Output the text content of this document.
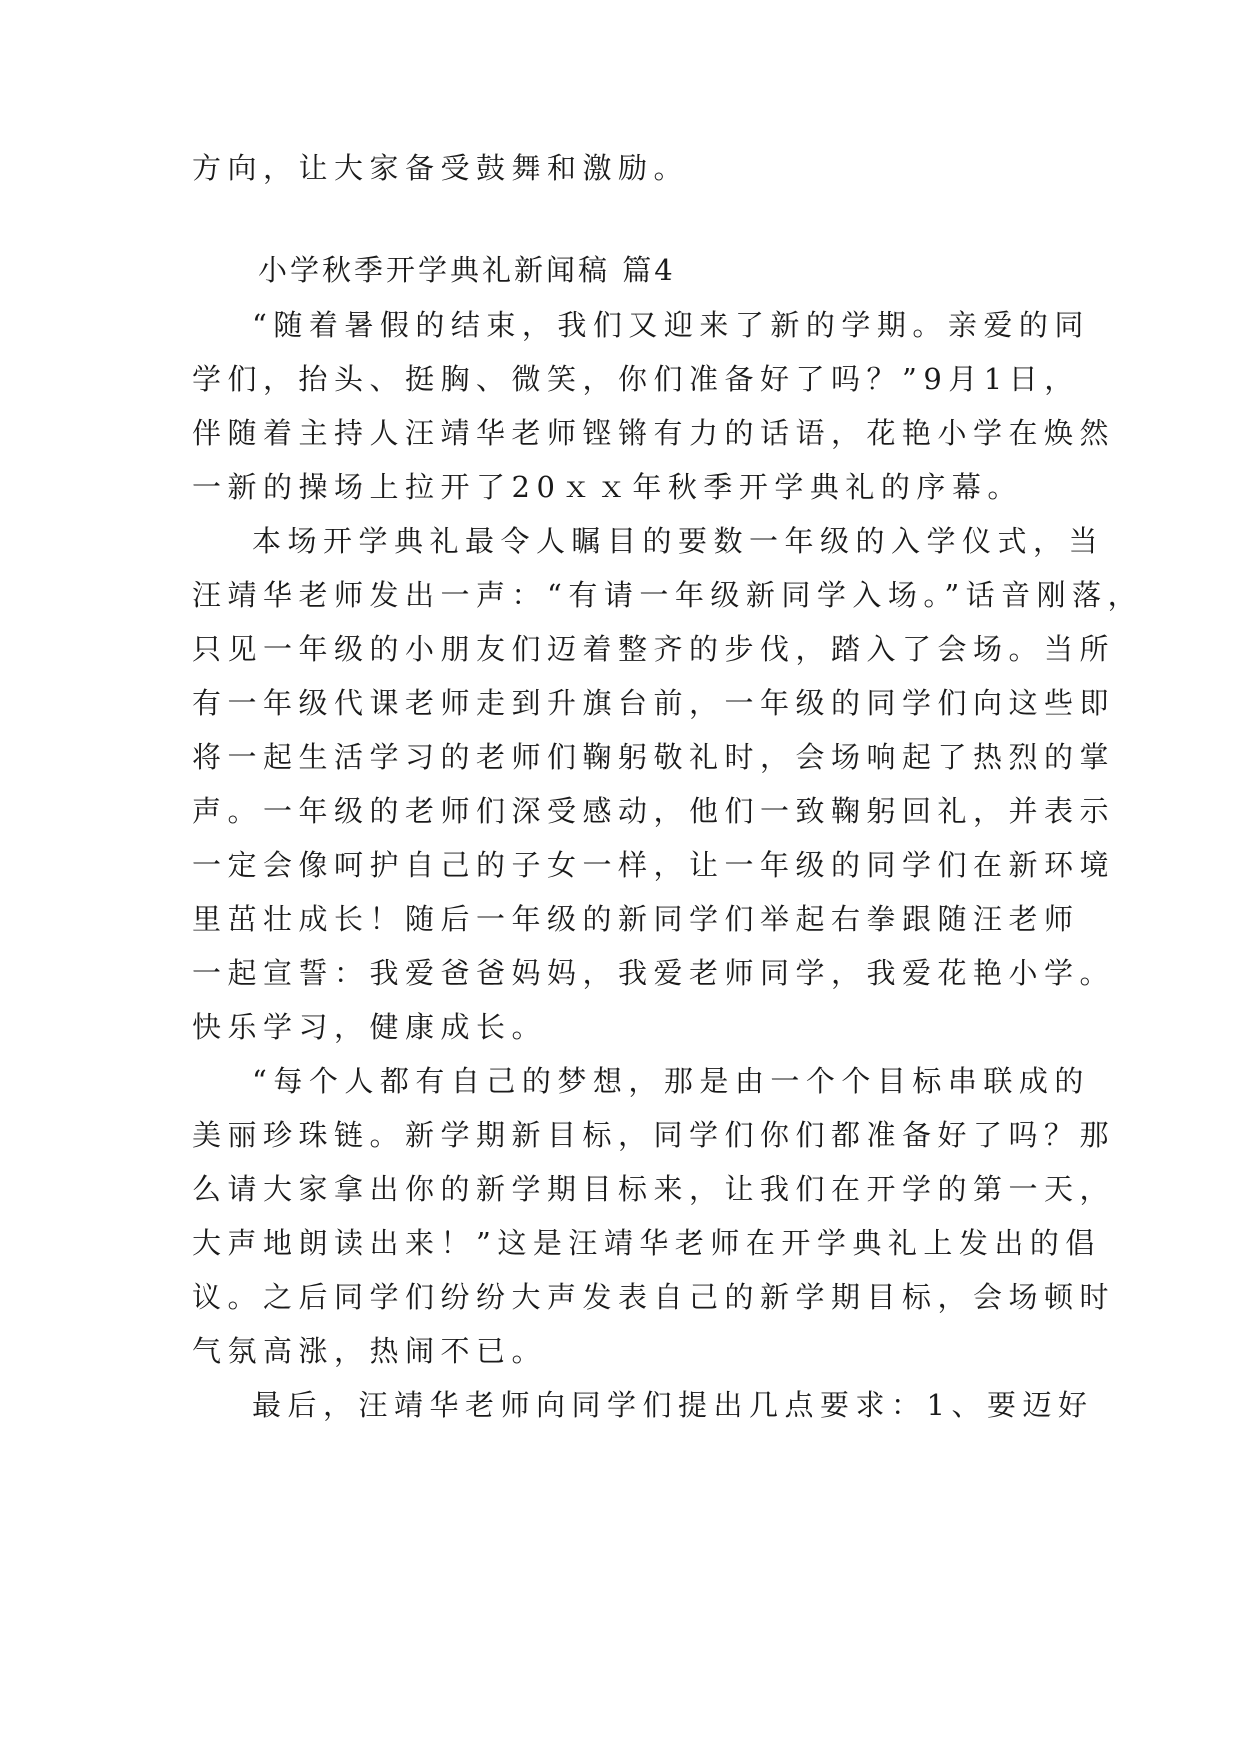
方向，让大家备受鼓舞和激励。
小学秋季开学典礼新闻稿 篇4
“随着暑假的结束，我们又迎来了新的学期。亲爱的同
学们，抬头、挺胸、微笑，你们准备好了吗？”9月1日，
伴随着主持人汪靖华老师铿锵有力的话语，花艳小学在焕然
一新的操场上拉开了20ｘｘ年秋季开学典礼的序幕。
本场开学典礼最令人瞩目的要数一年级的入学仪式，当
汪靖华老师发出一声：“有请一年级新同学入场。”话音刚落，
只见一年级的小朋友们迈着整齐的步伐，踏入了会场。当所
有一年级代课老师走到升旗台前，一年级的同学们向这些即
将一起生活学习的老师们鞠躬敬礼时，会场响起了热烈的掌
声。一年级的老师们深受感动，他们一致鞠躬回礼，并表示
一定会像呵护自己的子女一样，让一年级的同学们在新环境
里茁壮成长！随后一年级的新同学们举起右拳跟随汪老师
一起宣誓：我爱爸爸妈妈，我爱老师同学，我爱花艳小学。
快乐学习，健康成长。
“每个人都有自己的梦想，那是由一个个目标串联成的
美丽珍珠链。新学期新目标，同学们你们都准备好了吗？那
么请大家拿出你的新学期目标来，让我们在开学的第一天，
大声地朗读出来！”这是汪靖华老师在开学典礼上发出的倡
议。之后同学们纷纷大声发表自己的新学期目标，会场顿时
气氛高涨，热闹不已。
最后，汪靖华老师向同学们提出几点要求：1、要迈好
